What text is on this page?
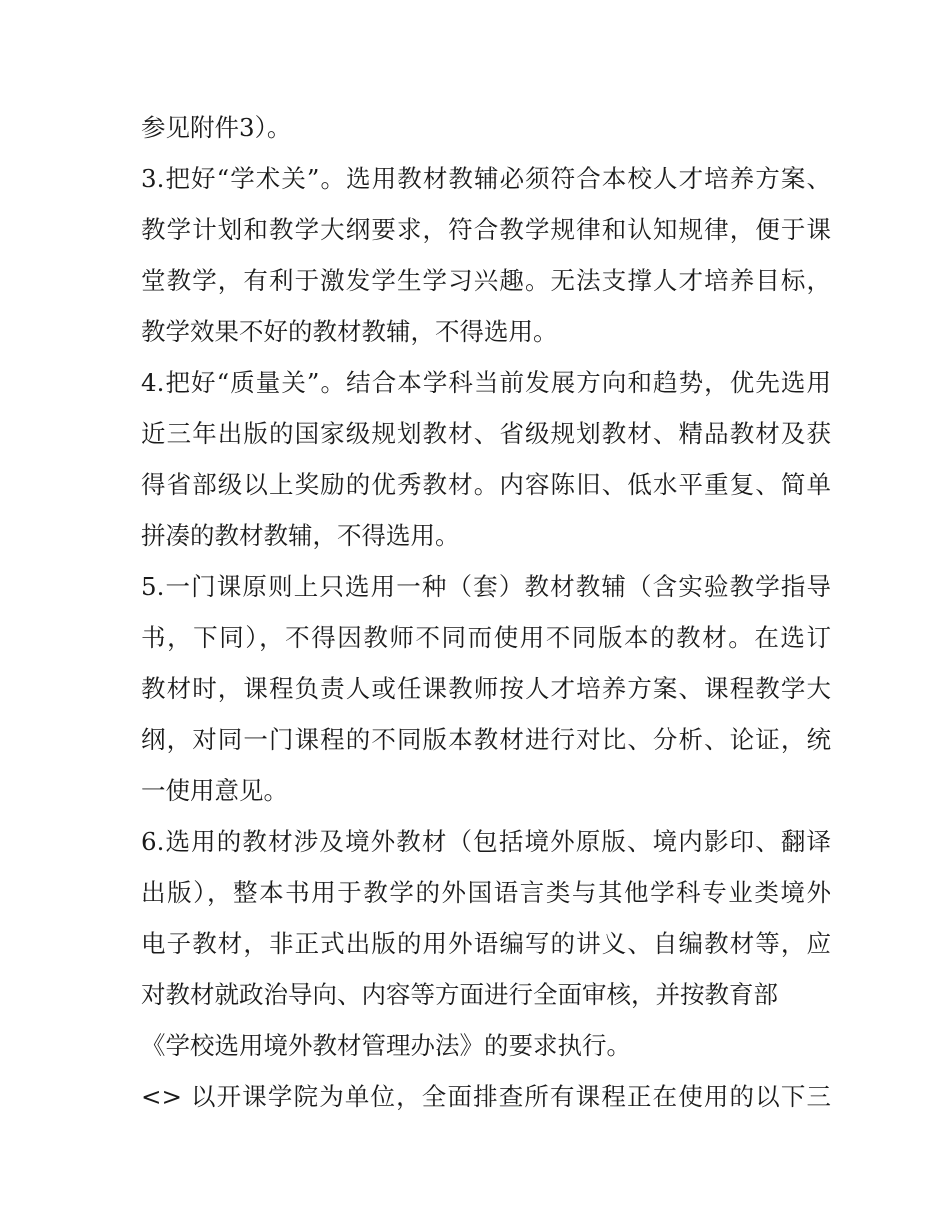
参见附件3）。

3.把好“学术关”。选用教材教辅必须符合本校人才培养方案、

教学计划和教学大纲要求，符合教学规律和认知规律，便于课

堂教学，有利于激发学生学习兴趣。无法支撑人才培养目标，

教学效果不好的教材教辅，不得选用。

4.把好“质量关”。结合本学科当前发展方向和趋势，优先选用

近三年出版的国家级规划教材、省级规划教材、精品教材及获

得省部级以上奖励的优秀教材。内容陈旧、低水平重复、简单

拼凑的教材教辅，不得选用。

5.一门课原则上只选用一种（套）教材教辅（含实验教学指导

书，下同），不得因教师不同而使用不同版本的教材。在选订

教材时，课程负责人或任课教师按人才培养方案、课程教学大

纲，对同一门课程的不同版本教材进行对比、分析、论证，统

一使用意见。

6.选用的教材涉及境外教材（包括境外原版、境内影印、翻译

出版），整本书用于教学的外国语言类与其他学科专业类境外

电子教材，非正式出版的用外语编写的讲义、自编教材等，应

对教材就政治导向、内容等方面进行全面审核，并按教育部

《学校选用境外教材管理办法》的要求执行。

<> 以开课学院为单位，全面排查所有课程正在使用的以下三
